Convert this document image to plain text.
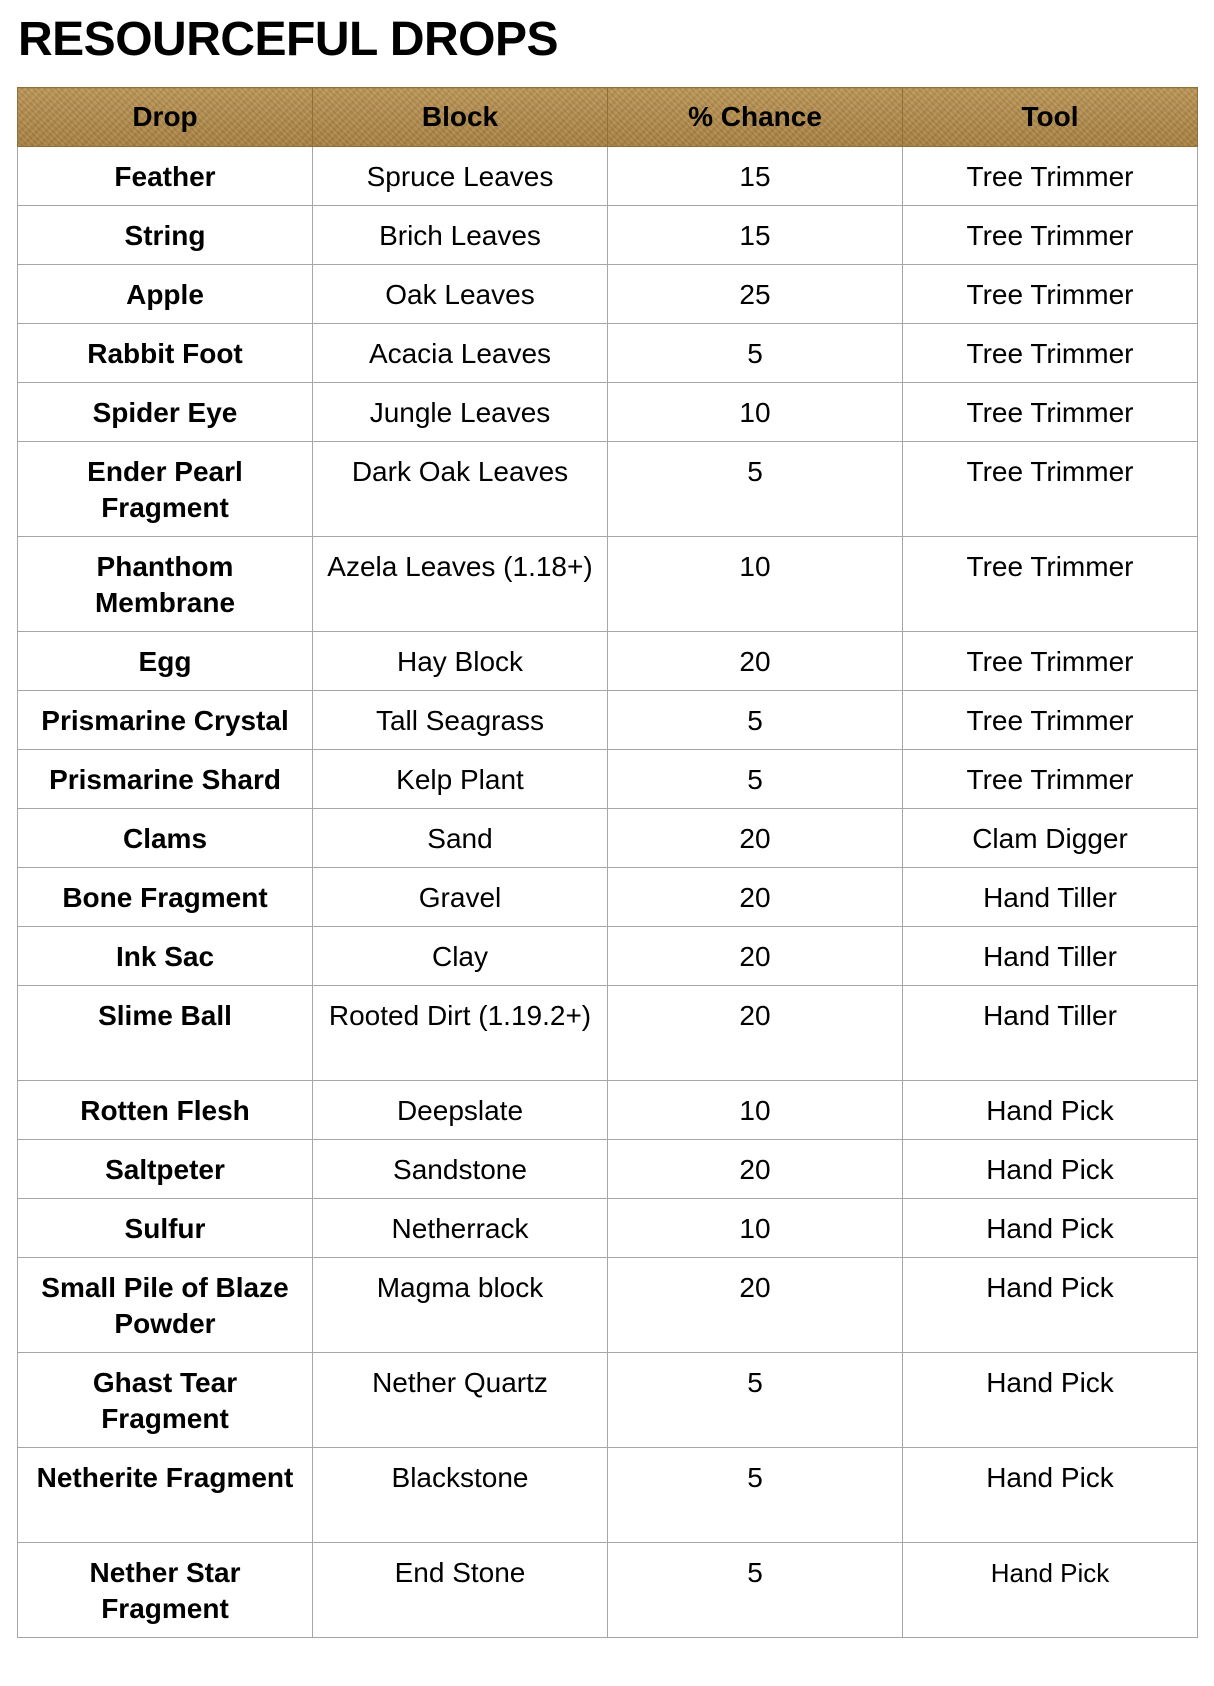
RESOURCEFUL DROPS
Drop	Block	% Chance	Tool
Feather	Spruce Leaves	15	Tree Trimmer
String	Brich Leaves	15	Tree Trimmer
Apple	Oak Leaves	25	Tree Trimmer
Rabbit Foot	Acacia Leaves	5	Tree Trimmer
Spider Eye	Jungle Leaves	10	Tree Trimmer
Ender Pearl Fragment	Dark Oak Leaves	5	Tree Trimmer
Phanthom Membrane	Azela Leaves (1.18+)	10	Tree Trimmer
Egg	Hay Block	20	Tree Trimmer
Prismarine Crystal	Tall Seagrass	5	Tree Trimmer
Prismarine Shard	Kelp Plant	5	Tree Trimmer
Clams	Sand	20	Clam Digger
Bone Fragment	Gravel	20	Hand Tiller
Ink Sac	Clay	20	Hand Tiller
Slime Ball	Rooted Dirt (1.19.2+)	20	Hand Tiller
Rotten Flesh	Deepslate	10	Hand Pick
Saltpeter	Sandstone	20	Hand Pick
Sulfur	Netherrack	10	Hand Pick
Small Pile of Blaze Powder	Magma block	20	Hand Pick
Ghast Tear Fragment	Nether Quartz	5	Hand Pick
Netherite Fragment	Blackstone	5	Hand Pick
Nether Star Fragment	End Stone	5	Hand Pick
